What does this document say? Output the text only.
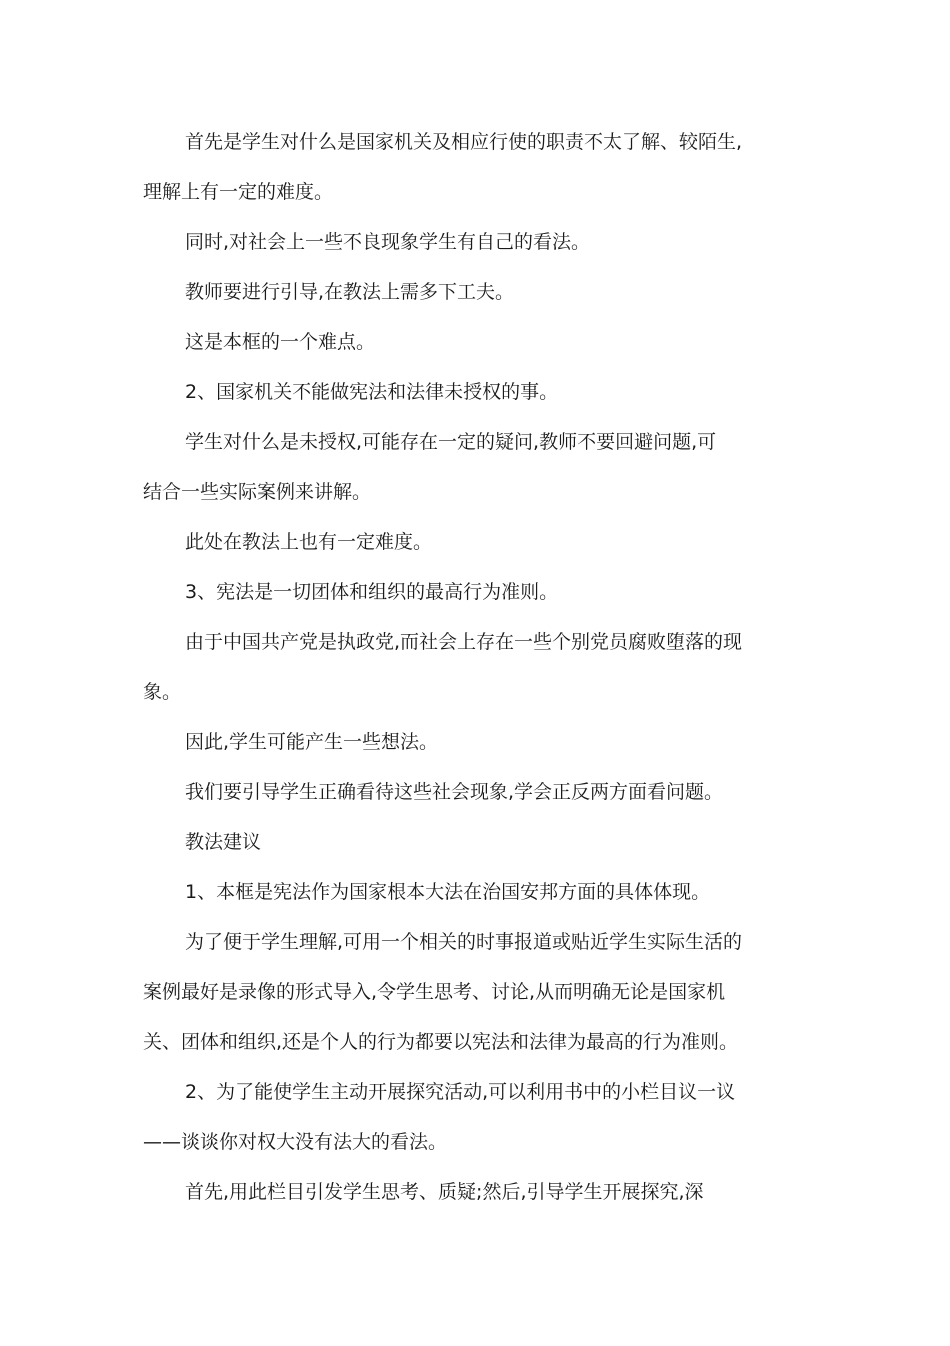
首先是学生对什么是国家机关及相应行使的职责不太了解、较陌生,
理解上有一定的难度。
同时,对社会上一些不良现象学生有自己的看法。
教师要进行引导,在教法上需多下工夫。
这是本框的一个难点。
2、国家机关不能做宪法和法律未授权的事。
学生对什么是未授权,可能存在一定的疑问,教师不要回避问题,可
结合一些实际案例来讲解。
此处在教法上也有一定难度。
3、宪法是一切团体和组织的最高行为准则。
由于中国共产党是执政党,而社会上存在一些个别党员腐败堕落的现
象。
因此,学生可能产生一些想法。
我们要引导学生正确看待这些社会现象,学会正反两方面看问题。
教法建议
1、本框是宪法作为国家根本大法在治国安邦方面的具体体现。
为了便于学生理解,可用一个相关的时事报道或贴近学生实际生活的
案例最好是录像的形式导入,令学生思考、讨论,从而明确无论是国家机
关、团体和组织,还是个人的行为都要以宪法和法律为最高的行为准则。
2、为了能使学生主动开展探究活动,可以利用书中的小栏目议一议
——谈谈你对权大没有法大的看法。
首先,用此栏目引发学生思考、质疑;然后,引导学生开展探究,深
